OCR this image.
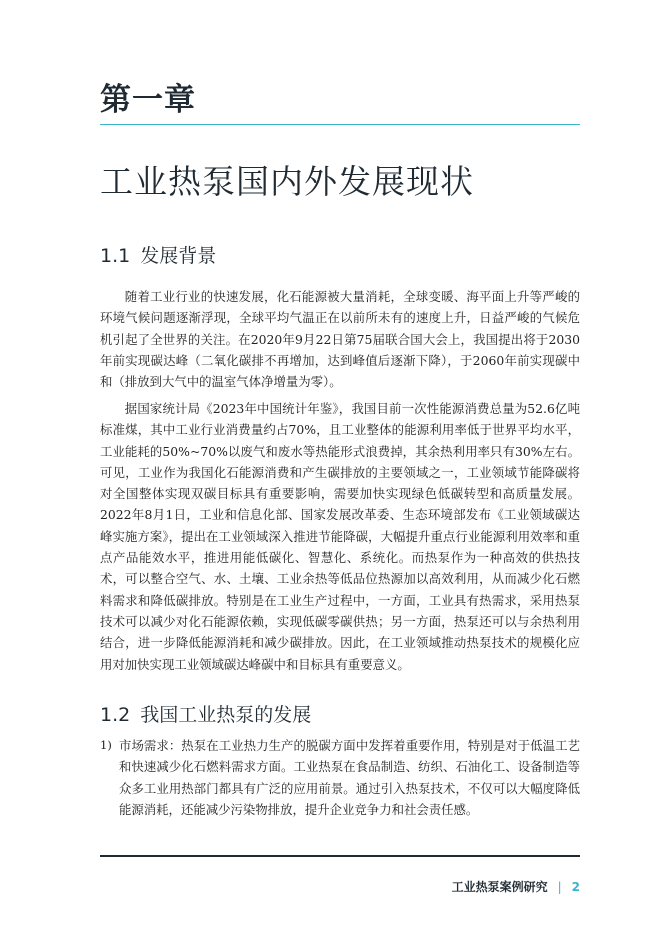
第一章
工业热泵国内外发展现状
1.1 发展背景

随着工业行业的快速发展，化石能源被大量消耗，全球变暖、海平面上升等严峻的环境气候问题逐渐浮现，全球平均气温正在以前所未有的速度上升，日益严峻的气候危机引起了全世界的关注。在2020年9月22日第75届联合国大会上，我国提出将于2030年前实现碳达峰（二氧化碳排不再增加，达到峰值后逐渐下降），于2060年前实现碳中和（排放到大气中的温室气体净增量为零）。

据国家统计局《2023年中国统计年鉴》，我国目前一次性能源消费总量为52.6亿吨标准煤，其中工业行业消费量约占70%，且工业整体的能源利用率低于世界平均水平，工业能耗的50%~70%以废气和废水等热能形式浪费掉，其余热利用率只有30%左右。可见，工业作为我国化石能源消费和产生碳排放的主要领域之一，工业领域节能降碳将对全国整体实现双碳目标具有重要影响，需要加快实现绿色低碳转型和高质量发展。2022年8月1日，工业和信息化部、国家发展改革委、生态环境部发布《工业领域碳达峰实施方案》，提出在工业领域深入推进节能降碳，大幅提升重点行业能源利用效率和重点产品能效水平，推进用能低碳化、智慧化、系统化。而热泵作为一种高效的供热技术，可以整合空气、水、土壤、工业余热等低品位热源加以高效利用，从而减少化石燃料需求和降低碳排放。特别是在工业生产过程中，一方面，工业具有热需求，采用热泵技术可以减少对化石能源依赖，实现低碳零碳供热；另一方面，热泵还可以与余热利用结合，进一步降低能源消耗和减少碳排放。因此，在工业领域推动热泵技术的规模化应用对加快实现工业领域碳达峰碳中和目标具有重要意义。

1.2 我国工业热泵的发展
1) 市场需求：热泵在工业热力生产的脱碳方面中发挥着重要作用，特别是对于低温工艺和快速减少化石燃料需求方面。工业热泵在食品制造、纺织、石油化工、设备制造等众多工业用热部门都具有广泛的应用前景。通过引入热泵技术，不仅可以大幅度降低能源消耗，还能减少污染物排放，提升企业竞争力和社会责任感。

工业热泵案例研究 | 2
